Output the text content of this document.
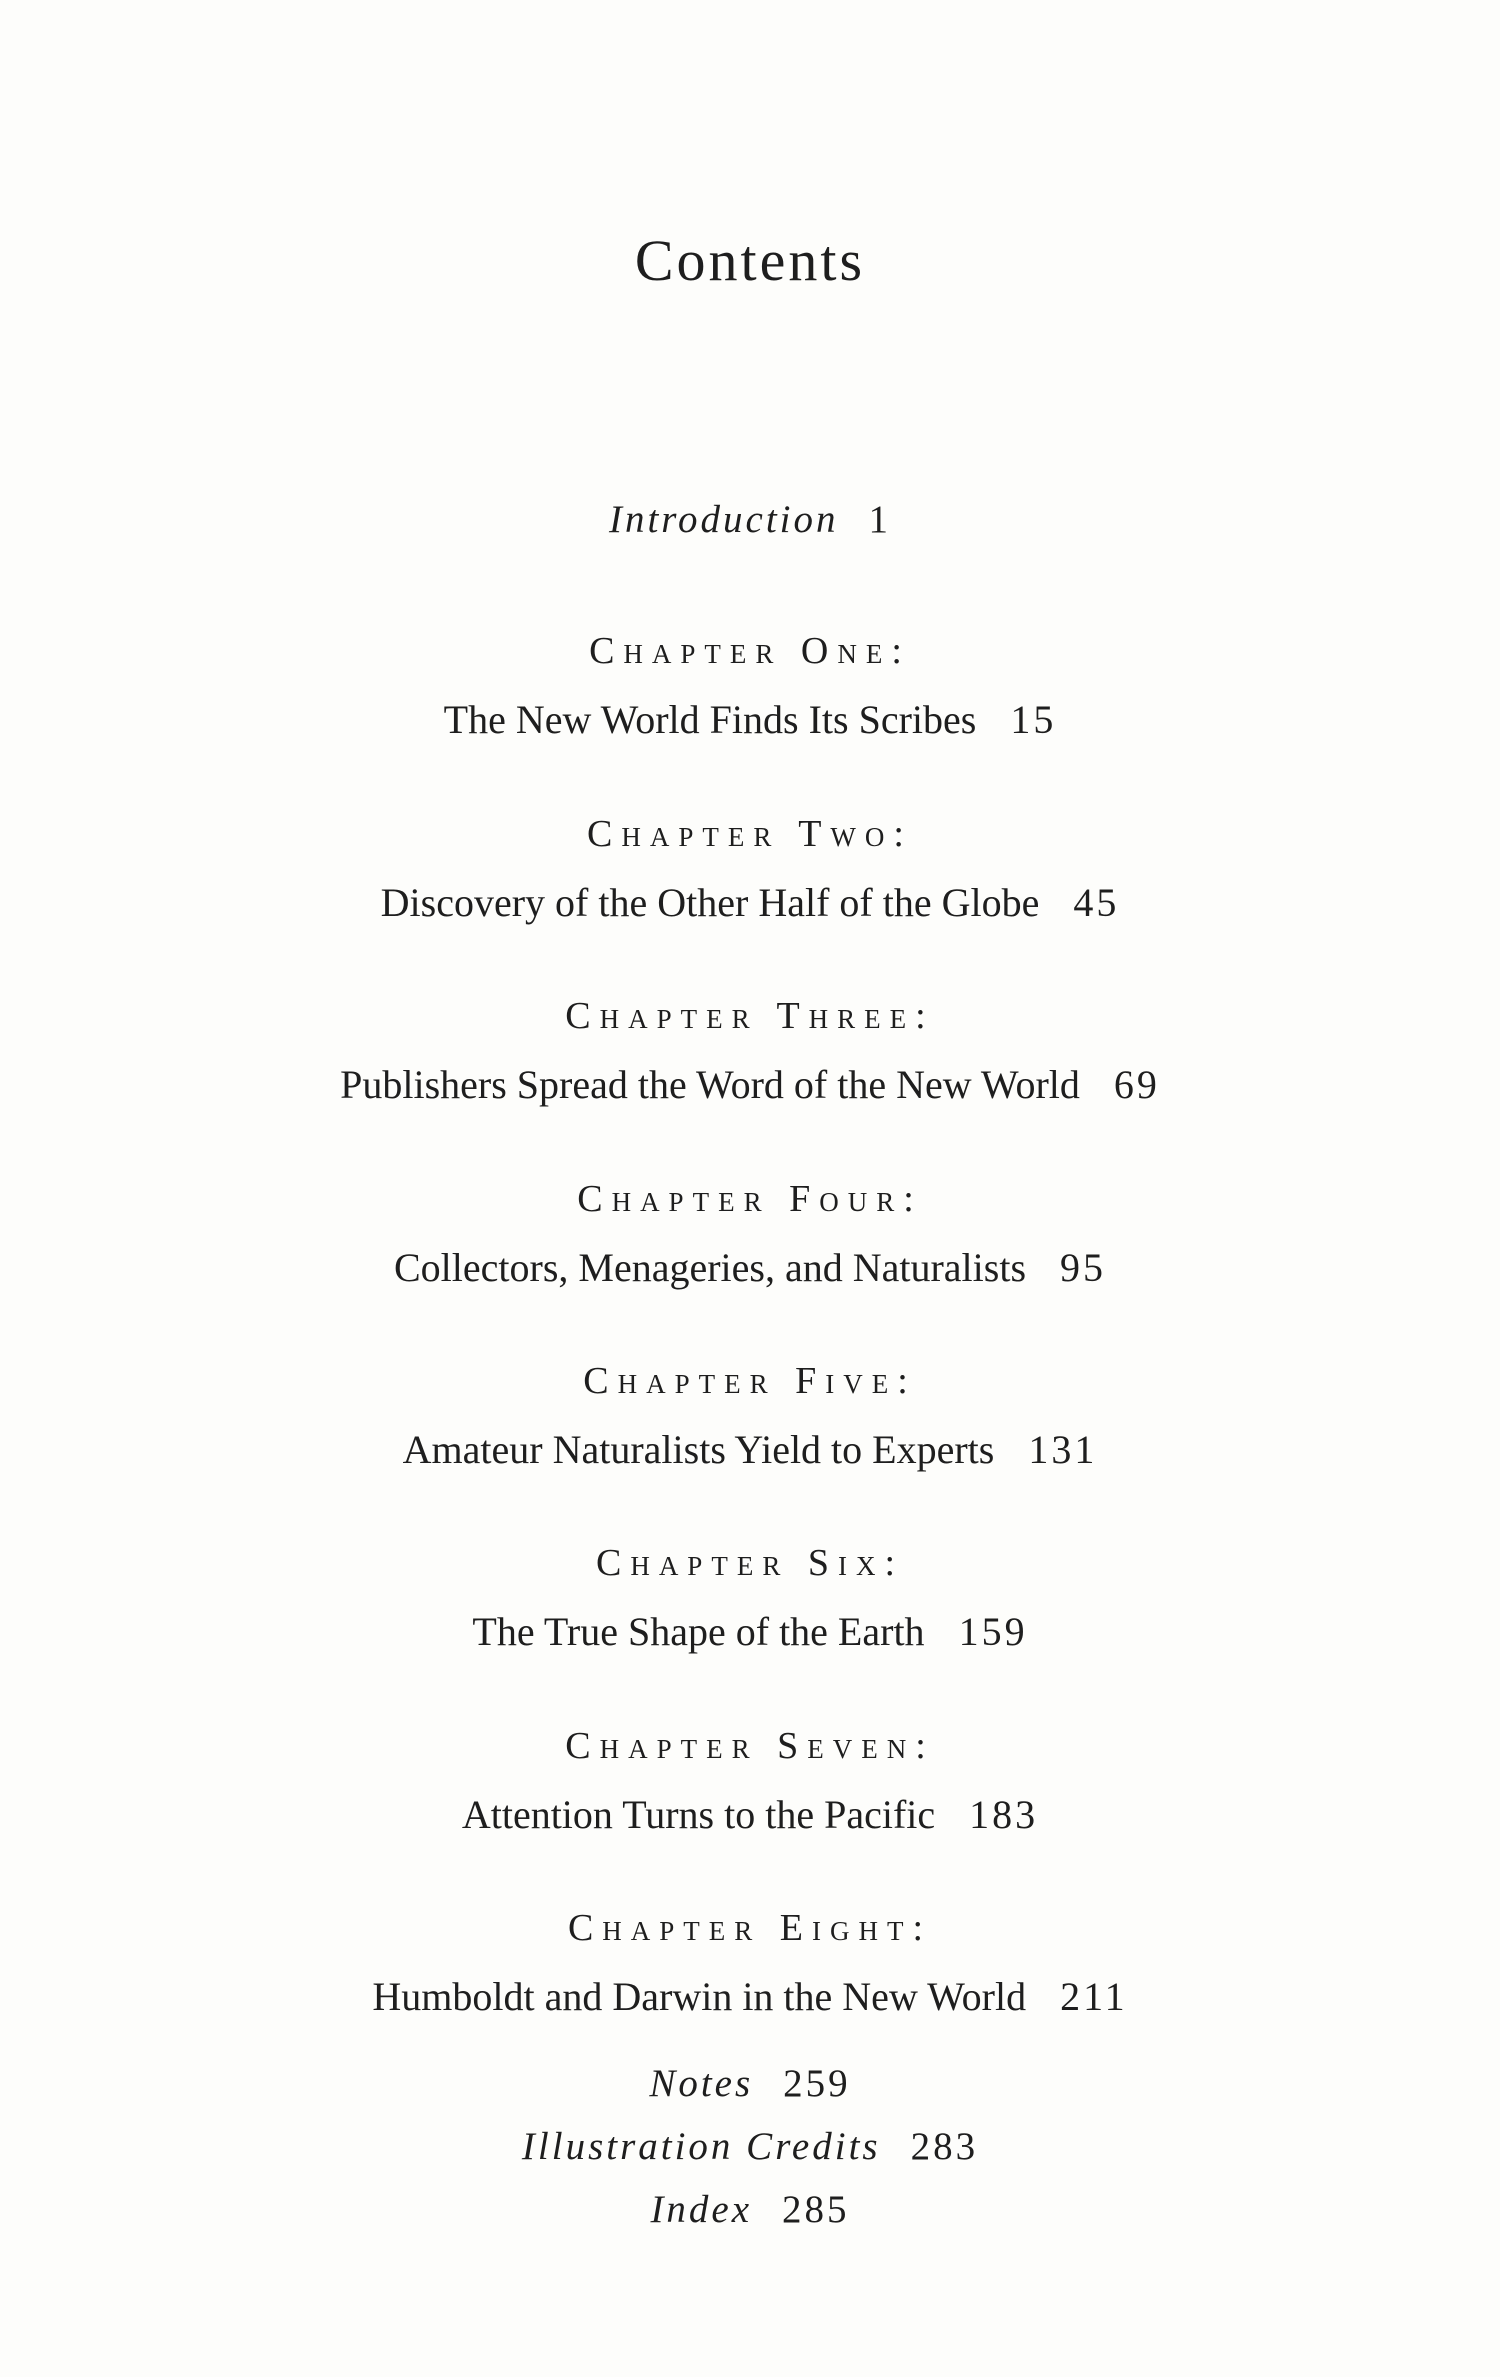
Contents
Introduction 1
Chapter One:
The New World Finds Its Scribes 15
Chapter Two:
Discovery of the Other Half of the Globe 45
Chapter Three:
Publishers Spread the Word of the New World 69
Chapter Four:
Collectors, Menageries, and Naturalists 95
Chapter Five:
Amateur Naturalists Yield to Experts 131
Chapter Six:
The True Shape of the Earth 159
Chapter Seven:
Attention Turns to the Pacific 183
Chapter Eight:
Humboldt and Darwin in the New World 211
Notes 259
Illustration Credits 283
Index 285
